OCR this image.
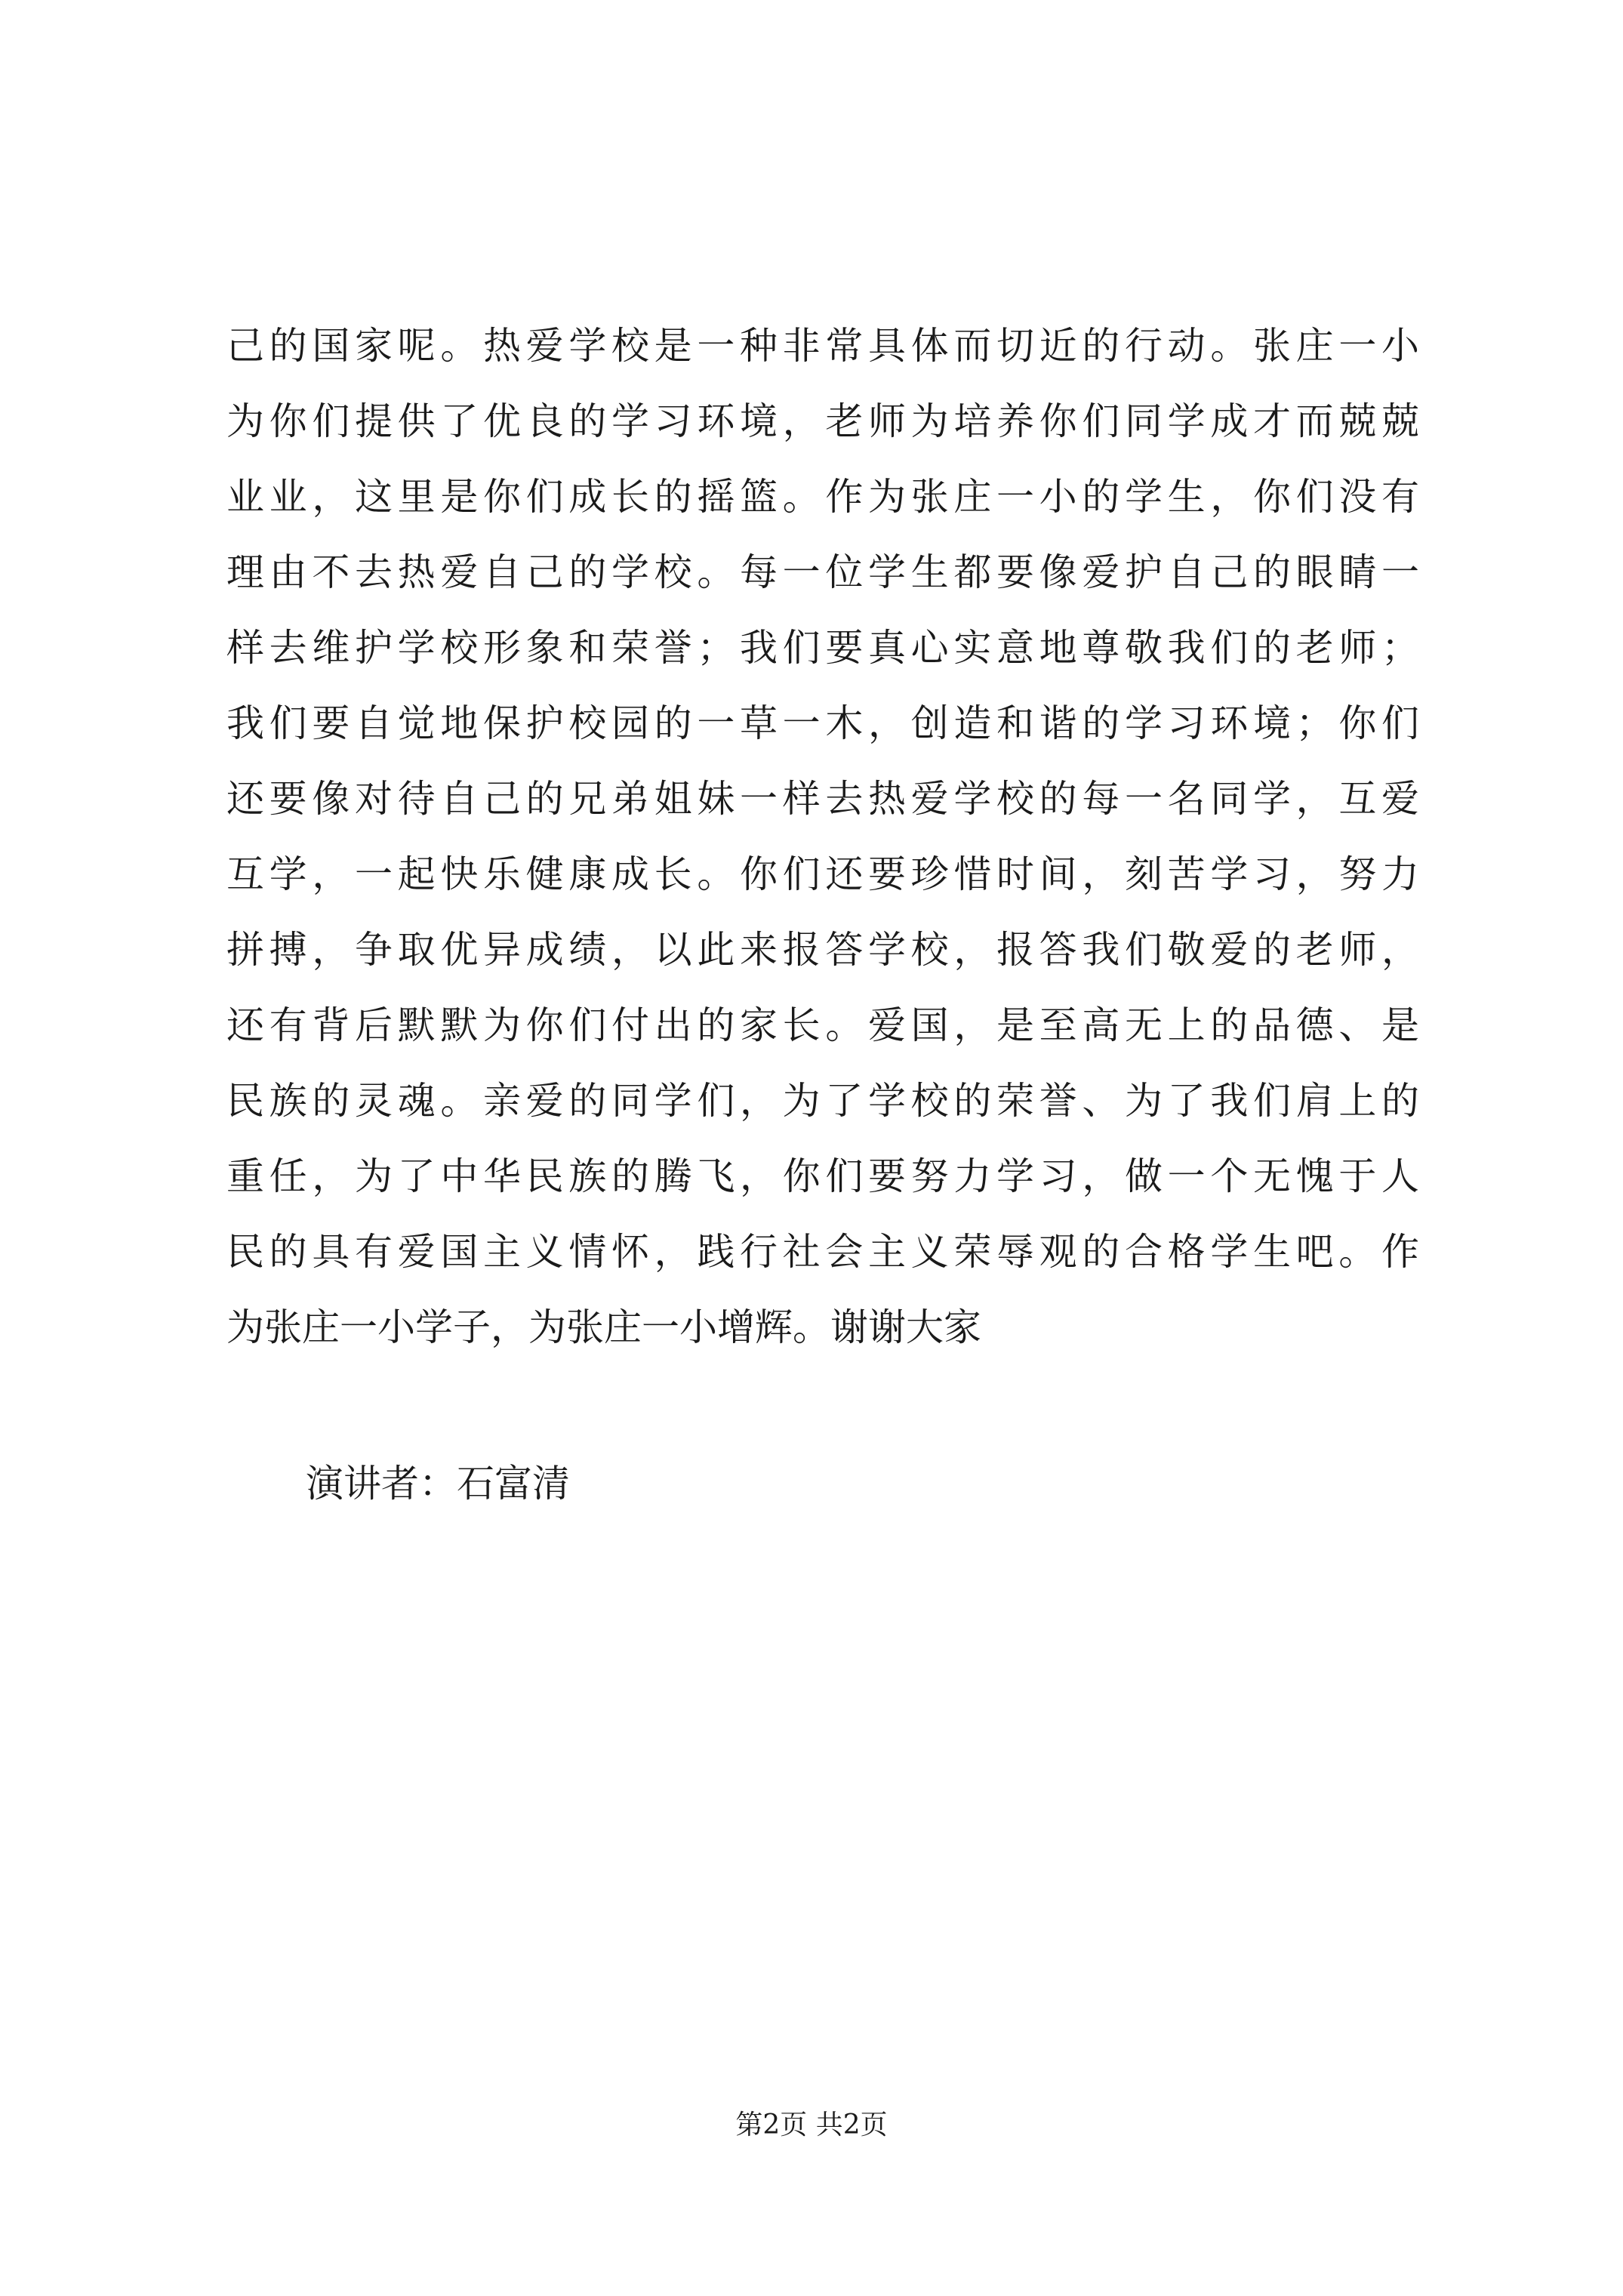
己的国家呢。热爱学校是一种非常具体而切近的行动。张庄一小
为你们提供了优良的学习环境，老师为培养你们同学成才而兢兢
业业，这里是你们成长的摇篮。作为张庄一小的学生，你们没有
理由不去热爱自己的学校。每一位学生都要像爱护自己的眼睛一
样去维护学校形象和荣誉；我们要真心实意地尊敬我们的老师；
我们要自觉地保护校园的一草一木，创造和谐的学习环境；你们
还要像对待自己的兄弟姐妹一样去热爱学校的每一名同学，互爱
互学，一起快乐健康成长。你们还要珍惜时间，刻苦学习，努力
拼搏，争取优异成绩，以此来报答学校，报答我们敬爱的老师，
还有背后默默为你们付出的家长。爱国，是至高无上的品德、是
民族的灵魂。亲爱的同学们，为了学校的荣誉、为了我们肩上的
重任，为了中华民族的腾飞，你们要努力学习，做一个无愧于人
民的具有爱国主义情怀，践行社会主义荣辱观的合格学生吧。作
为张庄一小学子，为张庄一小增辉。谢谢大家
演讲者：石富清
第2页 共2页
